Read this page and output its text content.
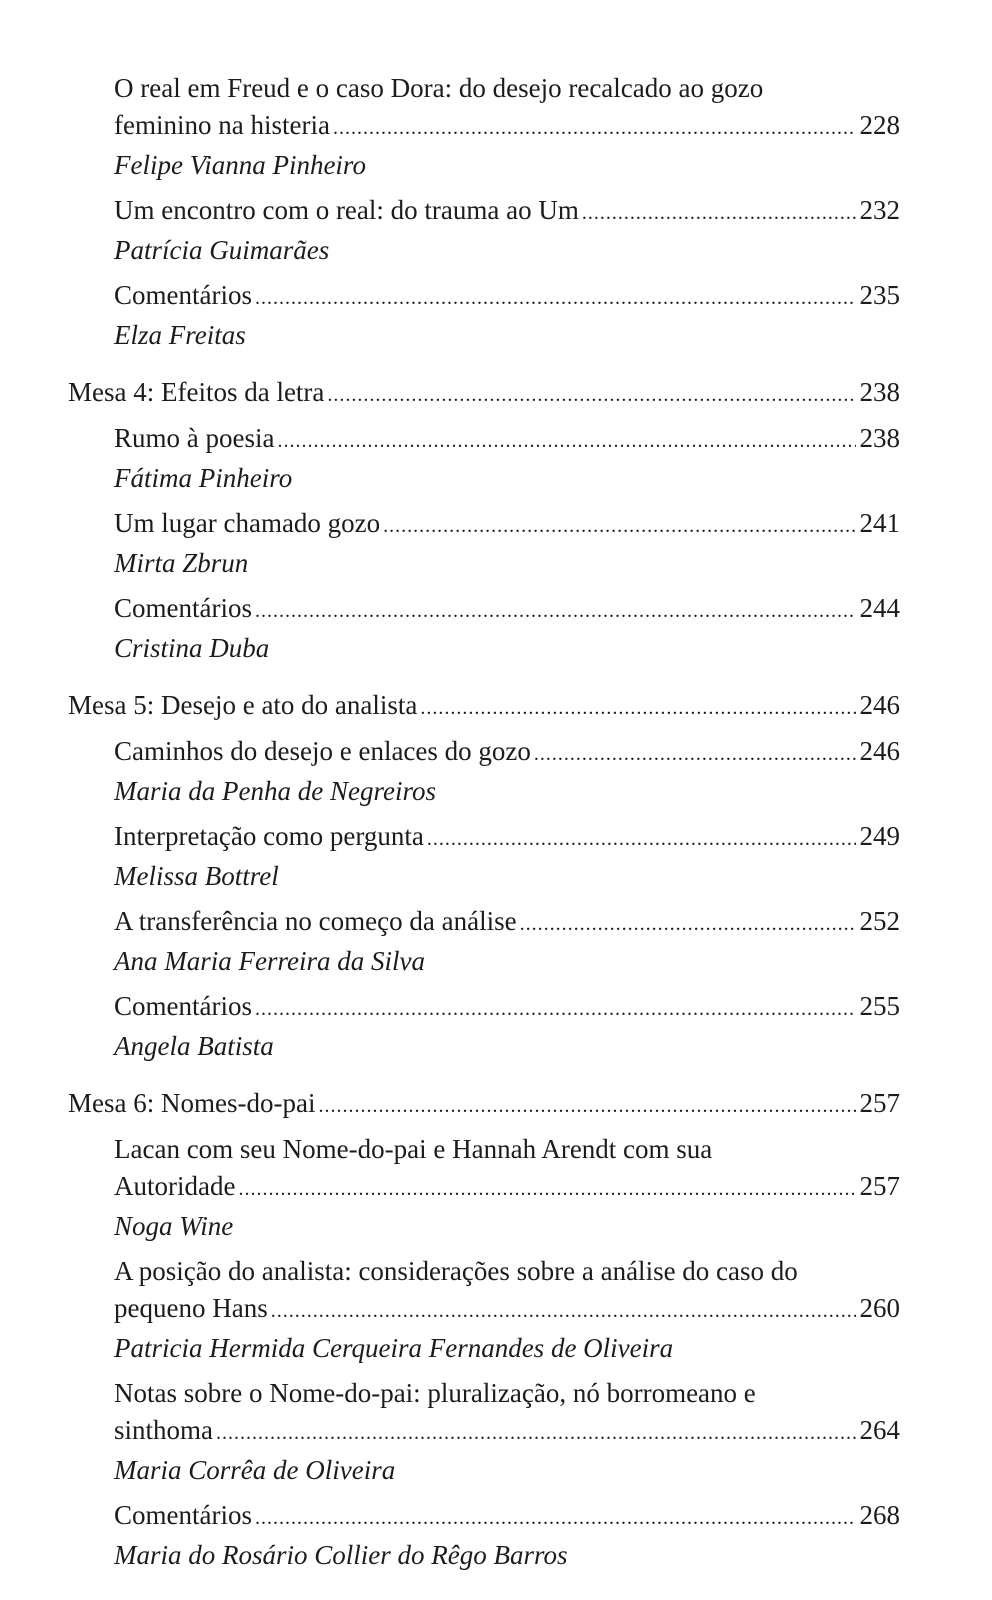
O real em Freud e o caso Dora: do desejo recalcado ao gozo
feminino na histeria .....	228
Felipe Vianna Pinheiro
Um encontro com o real: do trauma ao Um .....	232
Patrícia Guimarães
Comentários .....	235
Elza Freitas
Mesa 4: Efeitos da letra .....	238
Rumo à poesia .....	238
Fátima Pinheiro
Um lugar chamado gozo .....	241
Mirta Zbrun
Comentários .....	244
Cristina Duba
Mesa 5: Desejo e ato do analista .....	246
Caminhos do desejo e enlaces do gozo .....	246
Maria da Penha de Negreiros
Interpretação como pergunta .....	249
Melissa Bottrel
A transferência no começo da análise .....	252
Ana Maria Ferreira da Silva
Comentários .....	255
Angela Batista
Mesa 6: Nomes-do-pai .....	257
Lacan com seu Nome-do-pai e Hannah Arendt com sua
Autoridade .....	257
Noga Wine
A posição do analista: considerações sobre a análise do caso do
pequeno Hans .....	260
Patricia Hermida Cerqueira Fernandes de Oliveira
Notas sobre o Nome-do-pai: pluralização, nó borromeano e
sinthoma .....	264
Maria Corrêa de Oliveira
Comentários .....	268
Maria do Rosário Collier do Rêgo Barros
